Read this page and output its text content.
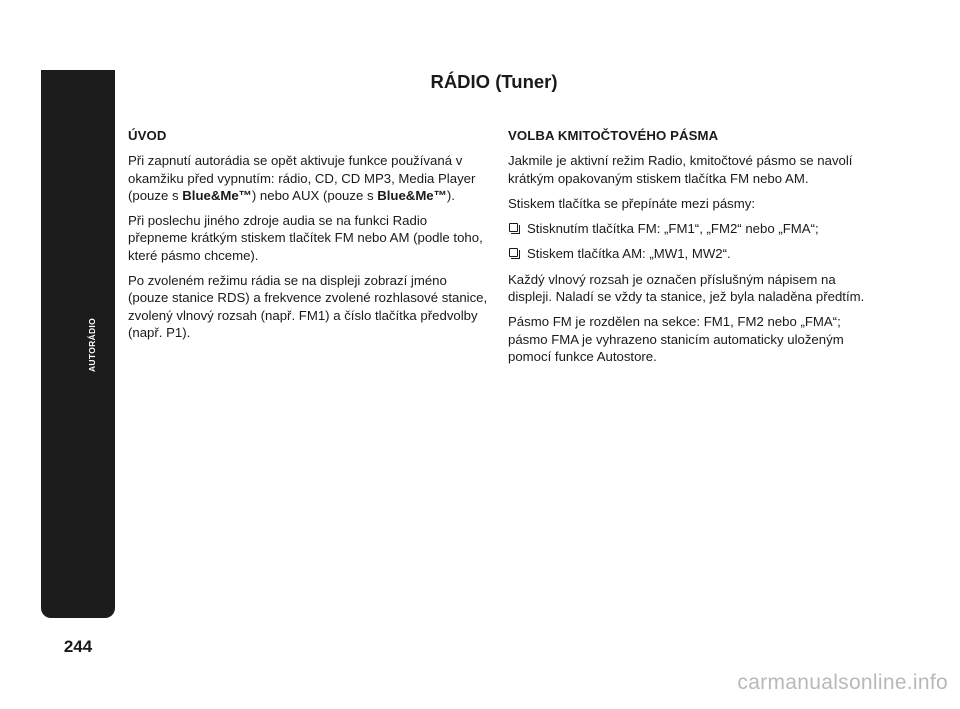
AUTORÁDIO
244
RÁDIO (Tuner)
ÚVOD

Při zapnutí autorádia se opět aktivuje funkce používaná v okamžiku před vypnutím: rádio, CD, CD MP3, Media Player (pouze s Blue&Me™) nebo AUX (pouze s Blue&Me™).

Při poslechu jiného zdroje audia se na funkci Radio přepneme krátkým stiskem tlačítek FM nebo AM (podle toho, které pásmo chceme).

Po zvoleném režimu rádia se na displeji zobrazí jméno (pouze stanice RDS) a frekvence zvolené rozhlasové stanice, zvolený vlnový rozsah (např. FM1) a číslo tlačítka předvolby (např. P1).

VOLBA KMITOČTOVÉHO PÁSMA

Jakmile je aktivní režim Radio, kmitočtové pásmo se navolí krátkým opakovaným stiskem tlačítka FM nebo AM.

Stiskem tlačítka se přepínáte mezi pásmy:

Stisknutím tlačítka FM: „FM1“, „FM2“ nebo „FMA“;
Stiskem tlačítka AM: „MW1, MW2“.

Každý vlnový rozsah je označen příslušným nápisem na displeji. Naladí se vždy ta stanice, jež byla naladěna předtím.

Pásmo FM je rozdělen na sekce: FM1, FM2 nebo „FMA“; pásmo FMA je vyhrazeno stanicím automaticky uloženým pomocí funkce Autostore.

carmanualsonline.info
